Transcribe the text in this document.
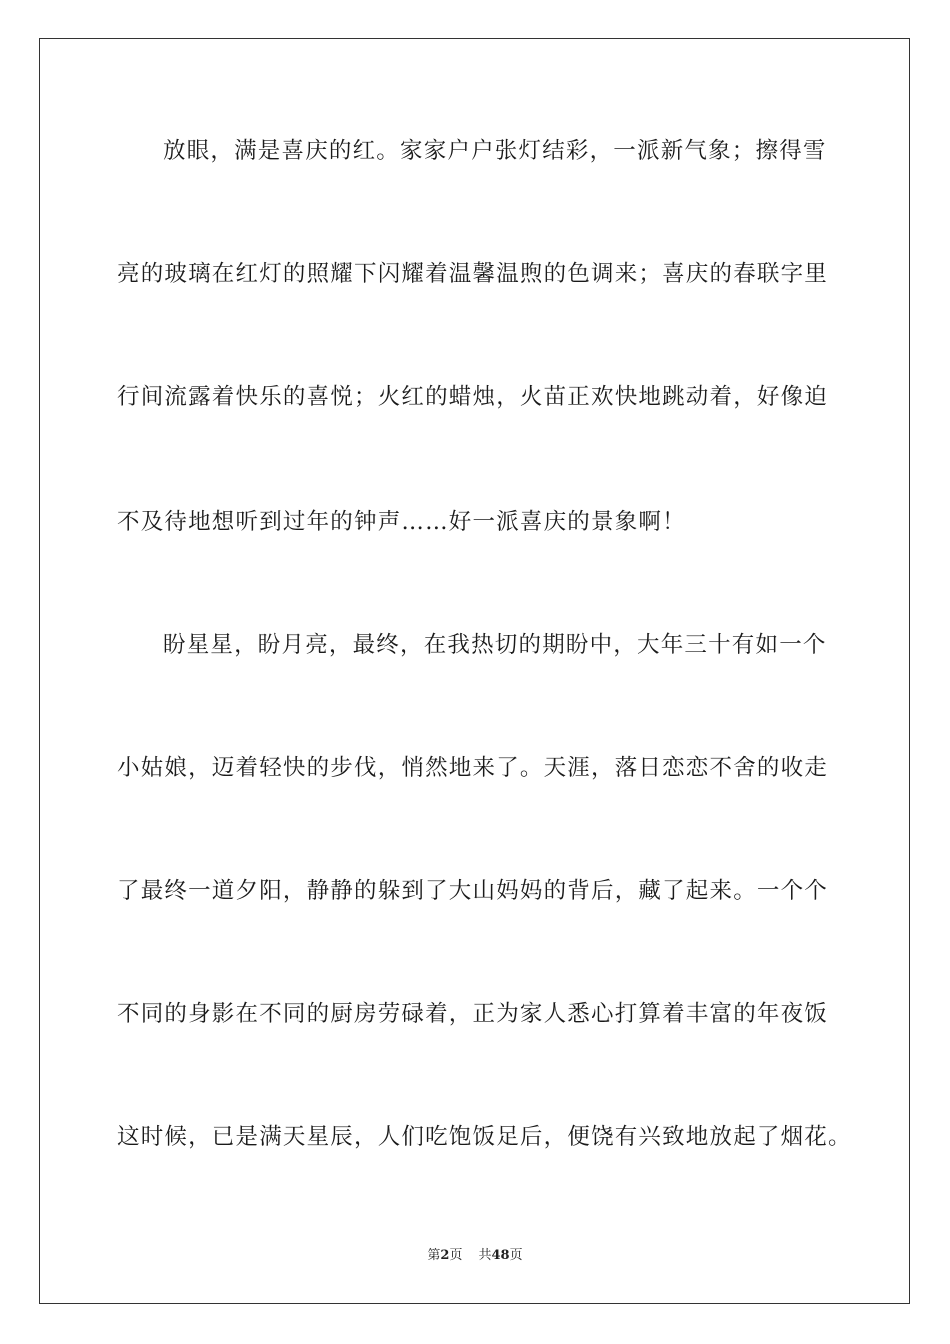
放眼，满是喜庆的红。家家户户张灯结彩，一派新气象；擦得雪

亮的玻璃在红灯的照耀下闪耀着温馨温煦的色调来；喜庆的春联字里

行间流露着快乐的喜悦；火红的蜡烛，火苗正欢快地跳动着，好像迫

不及待地想听到过年的钟声……好一派喜庆的景象啊！

盼星星，盼月亮，最终，在我热切的期盼中，大年三十有如一个

小姑娘，迈着轻快的步伐，悄然地来了。天涯，落日恋恋不舍的收走

了最终一道夕阳，静静的躲到了大山妈妈的背后，藏了起来。一个个

不同的身影在不同的厨房劳碌着，正为家人悉心打算着丰富的年夜饭

这时候，已是满天星辰，人们吃饱饭足后，便饶有兴致地放起了烟花。

第2页 共48页
